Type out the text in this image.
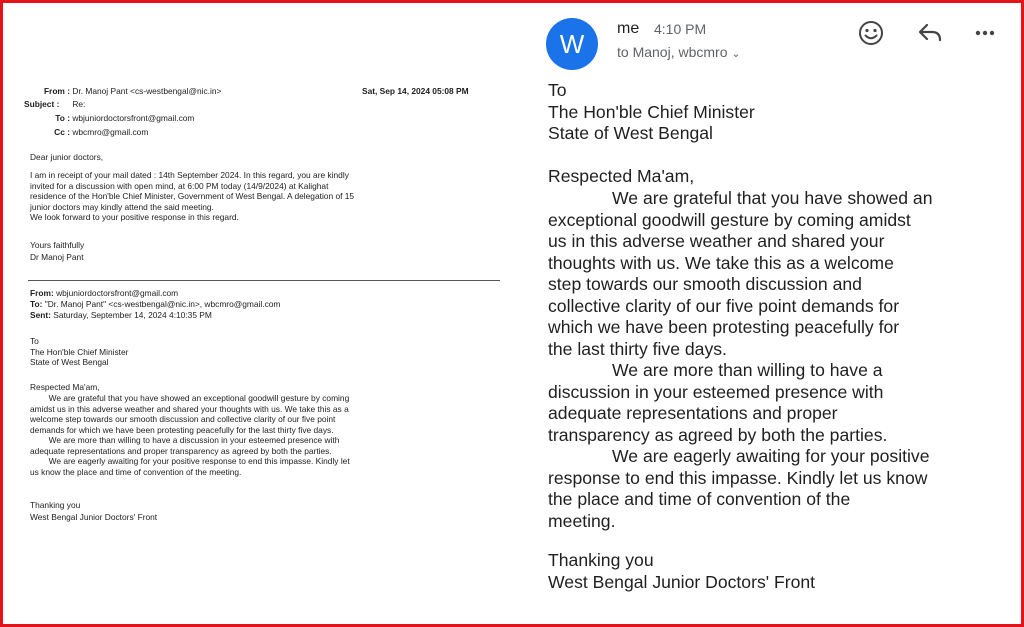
From : Dr. Manoj Pant <cs-westbengal@nic.in>	Sat, Sep 14, 2024 05:08 PM
Subject : Re:
To : wbjuniordoctorsfront@gmail.com
Cc : wbcmro@gmail.com
Dear junior doctors,
I am in receipt of your mail dated : 14th September 2024. In this regard, you are kindly
invited for a discussion with open mind, at 6:00 PM today (14/9/2024) at Kalighat
residence of the Hon'ble Chief Minister, Government of West Bengal. A delegation of 15
junior doctors may kindly attend the said meeting.
We look forward to your positive response in this regard.
Yours faithfully
Dr Manoj Pant
From: wbjuniordoctorsfront@gmail.com
To: "Dr. Manoj Pant" <cs-westbengal@nic.in>, wbcmro@gmail.com
Sent: Saturday, September 14, 2024 4:10:35 PM
To
The Hon'ble Chief Minister
State of West Bengal
Respected Ma'am,
We are grateful that you have showed an exceptional goodwill gesture by coming
amidst us in this adverse weather and shared your thoughts with us. We take this as a
welcome step towards our smooth discussion and collective clarity of our five point
demands for which we have been protesting peacefully for the last thirty five days.
We are more than willing to have a discussion in your esteemed presence with
adequate representations and proper transparency as agreed by both the parties.
We are eagerly awaiting for your positive response to end this impasse. Kindly let
us know the place and time of convention of the meeting.
Thanking you
West Bengal Junior Doctors' Front
W
me 4:10 PM
to Manoj, wbcmro ⌄
To
The Hon'ble Chief Minister
State of West Bengal
Respected Ma'am,
We are grateful that you have showed an
exceptional goodwill gesture by coming amidst
us in this adverse weather and shared your
thoughts with us. We take this as a welcome
step towards our smooth discussion and
collective clarity of our five point demands for
which we have been protesting peacefully for
the last thirty five days.
We are more than willing to have a
discussion in your esteemed presence with
adequate representations and proper
transparency as agreed by both the parties.
We are eagerly awaiting for your positive
response to end this impasse. Kindly let us know
the place and time of convention of the
meeting.
Thanking you
West Bengal Junior Doctors' Front
